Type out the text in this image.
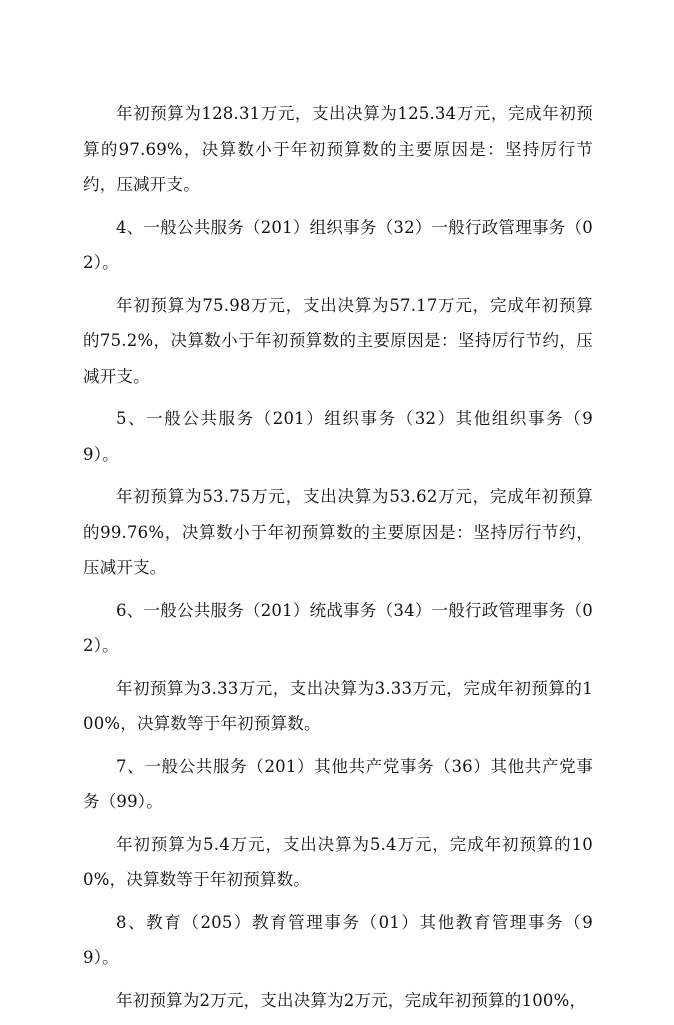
年初预算为128.31万元，支出决算为125.34万元，完成年初预算的97.69%，决算数小于年初预算数的主要原因是：坚持厉行节约，压减开支。

4、一般公共服务（201）组织事务（32）一般行政管理事务（02）。

年初预算为75.98万元，支出决算为57.17万元，完成年初预算的75.2%，决算数小于年初预算数的主要原因是：坚持厉行节约，压减开支。

5、一般公共服务（201）组织事务（32）其他组织事务（99）。

年初预算为53.75万元，支出决算为53.62万元，完成年初预算的99.76%，决算数小于年初预算数的主要原因是：坚持厉行节约，压减开支。

6、一般公共服务（201）统战事务（34）一般行政管理事务（02）。

年初预算为3.33万元，支出决算为3.33万元，完成年初预算的100%，决算数等于年初预算数。

7、一般公共服务（201）其他共产党事务（36）其他共产党事务（99）。

年初预算为5.4万元，支出决算为5.4万元，完成年初预算的100%，决算数等于年初预算数。

8、教育（205）教育管理事务（01）其他教育管理事务（99）。

年初预算为2万元，支出决算为2万元，完成年初预算的100%，
